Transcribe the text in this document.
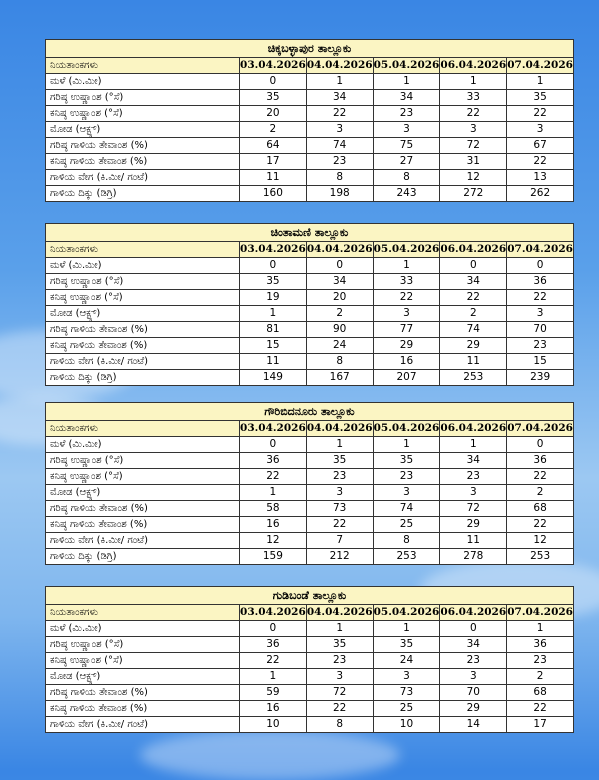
ಚಿಕ್ಕಬಳ್ಳಾಪುರ ತಾಲ್ಲೂಕು					
ನಿಯತಾಂಕಗಳು	03.04.2026	04.04.2026	05.04.2026	06.04.2026	07.04.2026
ಮಳೆ (ಮಿ.ಮೀ)	0	1	1	1	1
ಗರಿಷ್ಠ ಉಷ್ಣಾಂಶ (°ಸೆ)	35	34	34	33	35
ಕನಿಷ್ಠ ಉಷ್ಣಾಂಶ (°ಸೆ)	20	22	23	22	22
ಮೋಡ (ಆಕ್ಟ್ಸ್)	2	3	3	3	3
ಗರಿಷ್ಠ ಗಾಳಿಯ ತೇವಾಂಶ (%)	64	74	75	72	67
ಕನಿಷ್ಠ ಗಾಳಿಯ ತೇವಾಂಶ (%)	17	23	27	31	22
ಗಾಳಿಯ ವೇಗ (ಕಿ.ಮೀ/ ಗಂಟೆ)	11	8	8	12	13
ಗಾಳಿಯ ದಿಕ್ಕು (ಡಿಗ್ರಿ)	160	198	243	272	262
ಚಿಂತಾಮಣಿ ತಾಲ್ಲೂಕು					
ನಿಯತಾಂಕಗಳು	03.04.2026	04.04.2026	05.04.2026	06.04.2026	07.04.2026
ಮಳೆ (ಮಿ.ಮೀ)	0	0	1	0	0
ಗರಿಷ್ಠ ಉಷ್ಣಾಂಶ (°ಸೆ)	35	34	33	34	36
ಕನಿಷ್ಠ ಉಷ್ಣಾಂಶ (°ಸೆ)	19	20	22	22	22
ಮೋಡ (ಆಕ್ಟ್ಸ್)	1	2	3	2	3
ಗರಿಷ್ಠ ಗಾಳಿಯ ತೇವಾಂಶ (%)	81	90	77	74	70
ಕನಿಷ್ಠ ಗಾಳಿಯ ತೇವಾಂಶ (%)	15	24	29	29	23
ಗಾಳಿಯ ವೇಗ (ಕಿ.ಮೀ/ ಗಂಟೆ)	11	8	16	11	15
ಗಾಳಿಯ ದಿಕ್ಕು (ಡಿಗ್ರಿ)	149	167	207	253	239
ಗೌರಿಬಿದನೂರು ತಾಲ್ಲೂಕು					
ನಿಯತಾಂಕಗಳು	03.04.2026	04.04.2026	05.04.2026	06.04.2026	07.04.2026
ಮಳೆ (ಮಿ.ಮೀ)	0	1	1	1	0
ಗರಿಷ್ಠ ಉಷ್ಣಾಂಶ (°ಸೆ)	36	35	35	34	36
ಕನಿಷ್ಠ ಉಷ್ಣಾಂಶ (°ಸೆ)	22	23	23	23	22
ಮೋಡ (ಆಕ್ಟ್ಸ್)	1	3	3	3	2
ಗರಿಷ್ಠ ಗಾಳಿಯ ತೇವಾಂಶ (%)	58	73	74	72	68
ಕನಿಷ್ಠ ಗಾಳಿಯ ತೇವಾಂಶ (%)	16	22	25	29	22
ಗಾಳಿಯ ವೇಗ (ಕಿ.ಮೀ/ ಗಂಟೆ)	12	7	8	11	12
ಗಾಳಿಯ ದಿಕ್ಕು (ಡಿಗ್ರಿ)	159	212	253	278	253
ಗುಡಿಬಂಡೆ ತಾಲ್ಲೂಕು					
ನಿಯತಾಂಕಗಳು	03.04.2026	04.04.2026	05.04.2026	06.04.2026	07.04.2026
ಮಳೆ (ಮಿ.ಮೀ)	0	1	1	0	1
ಗರಿಷ್ಠ ಉಷ್ಣಾಂಶ (°ಸೆ)	36	35	35	34	36
ಕನಿಷ್ಠ ಉಷ್ಣಾಂಶ (°ಸೆ)	22	23	24	23	23
ಮೋಡ (ಆಕ್ಟ್ಸ್)	1	3	3	3	2
ಗರಿಷ್ಠ ಗಾಳಿಯ ತೇವಾಂಶ (%)	59	72	73	70	68
ಕನಿಷ್ಠ ಗಾಳಿಯ ತೇವಾಂಶ (%)	16	22	25	29	22
ಗಾಳಿಯ ವೇಗ (ಕಿ.ಮೀ/ ಗಂಟೆ)	10	8	10	14	17
